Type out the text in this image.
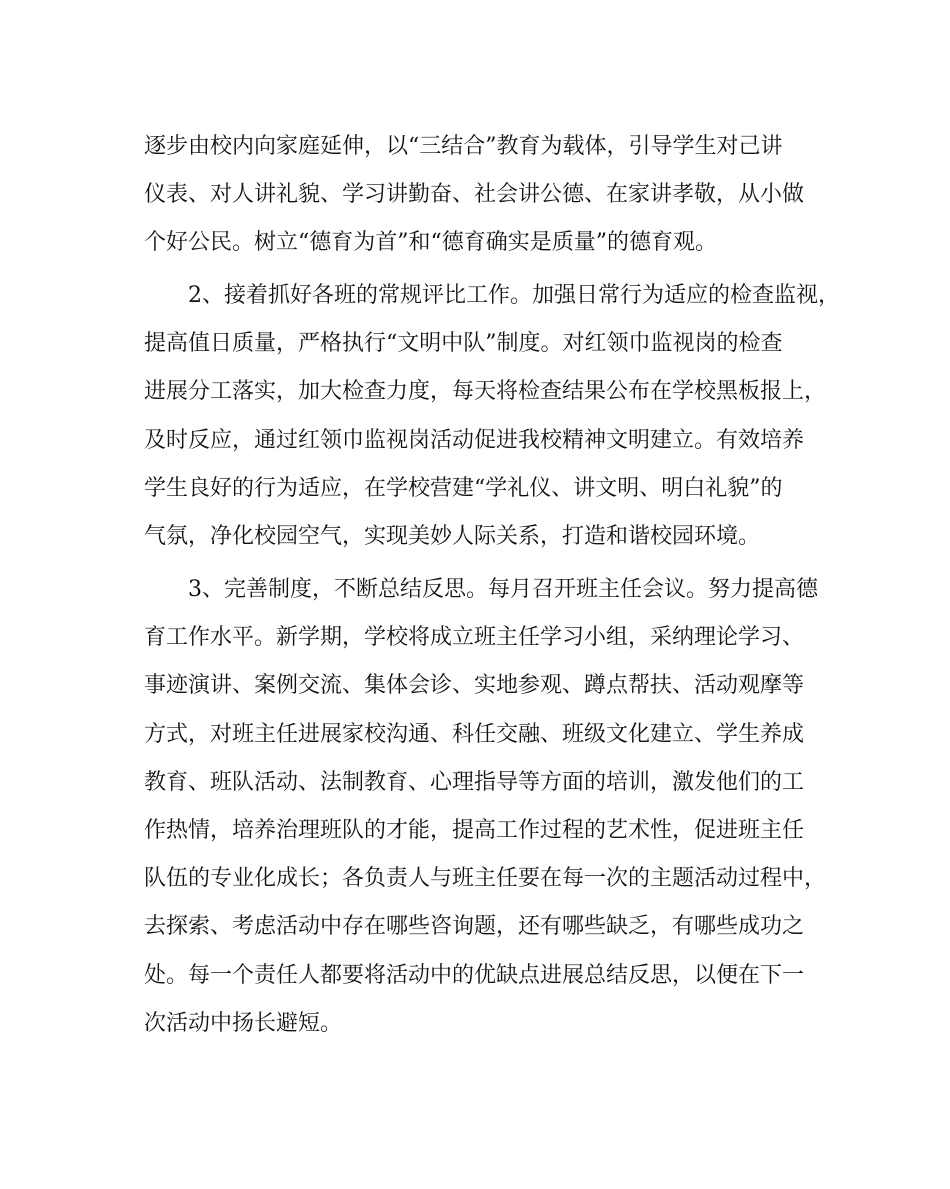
逐步由校内向家庭延伸，以“三结合”教育为载体，引导学生对己讲
仪表、对人讲礼貌、学习讲勤奋、社会讲公德、在家讲孝敬，从小做
个好公民。树立“德育为首”和“德育确实是质量”的德育观。
2、接着抓好各班的常规评比工作。加强日常行为适应的检查监视，
提高值日质量，严格执行“文明中队”制度。对红领巾监视岗的检查
进展分工落实，加大检查力度，每天将检查结果公布在学校黑板报上，
及时反应，通过红领巾监视岗活动促进我校精神文明建立。有效培养
学生良好的行为适应，在学校营建“学礼仪、讲文明、明白礼貌”的
气氛，净化校园空气，实现美妙人际关系，打造和谐校园环境。
3、完善制度，不断总结反思。每月召开班主任会议。努力提高德
育工作水平。新学期，学校将成立班主任学习小组，采纳理论学习、
事迹演讲、案例交流、集体会诊、实地参观、蹲点帮扶、活动观摩等
方式，对班主任进展家校沟通、科任交融、班级文化建立、学生养成
教育、班队活动、法制教育、心理指导等方面的培训，激发他们的工
作热情，培养治理班队的才能，提高工作过程的艺术性，促进班主任
队伍的专业化成长；各负责人与班主任要在每一次的主题活动过程中，
去探索、考虑活动中存在哪些咨询题，还有哪些缺乏，有哪些成功之
处。每一个责任人都要将活动中的优缺点进展总结反思，以便在下一
次活动中扬长避短。
